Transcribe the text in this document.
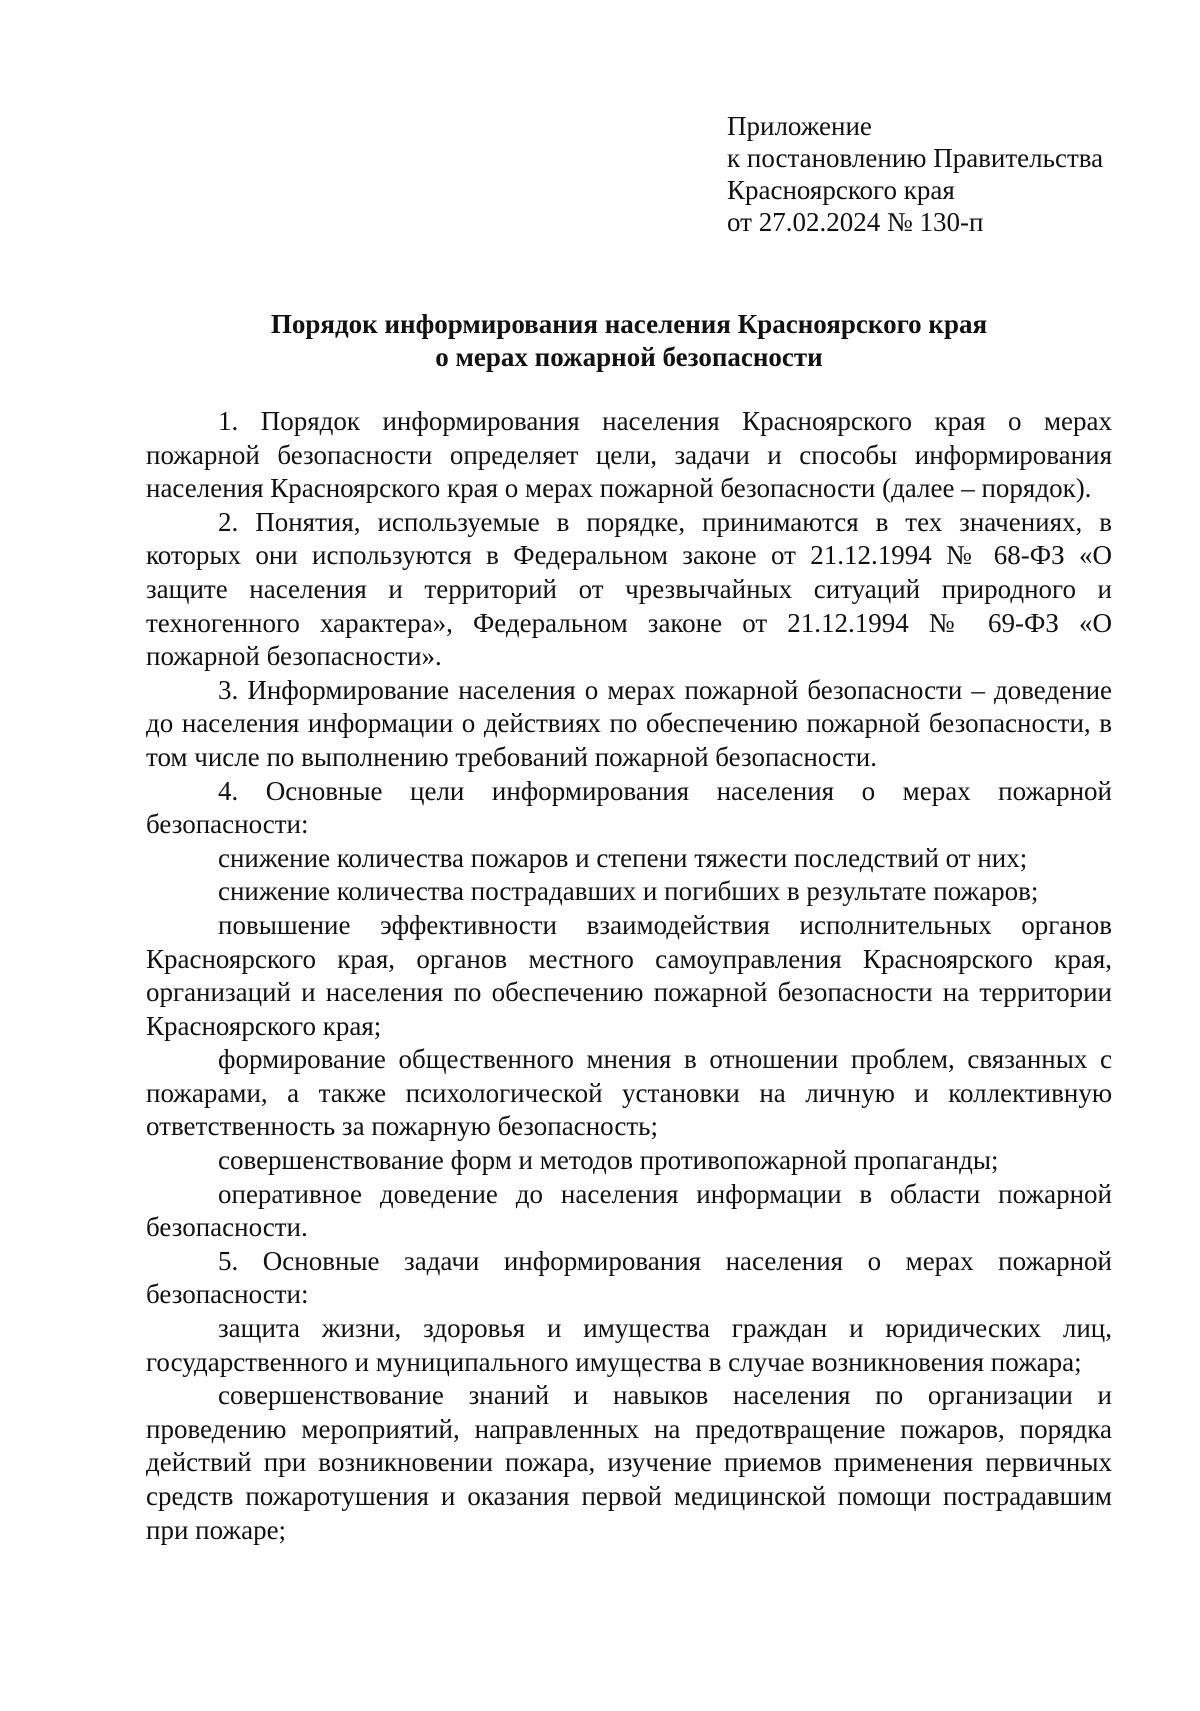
Приложение
к постановлению Правительства
Красноярского края
от 27.02.2024 № 130-п
Порядок информирования населения Красноярского края
о мерах пожарной безопасности

1. Порядок информирования населения Красноярского края о мерах пожарной безопасности определяет цели, задачи и способы информирования населения Красноярского края о мерах пожарной безопасности (далее – порядок).

2. Понятия, используемые в порядке, принимаются в тех значениях, в которых они используются в Федеральном законе от 21.12.1994 № 68-ФЗ «О защите населения и территорий от чрезвычайных ситуаций природного и техногенного характера», Федеральном законе от 21.12.1994 № 69-ФЗ «О пожарной безопасности».

3. Информирование населения о мерах пожарной безопасности – доведение до населения информации о действиях по обеспечению пожарной безопасности, в том числе по выполнению требований пожарной безопасности.

4. Основные цели информирования населения о мерах пожарной безопасности:

снижение количества пожаров и степени тяжести последствий от них;

снижение количества пострадавших и погибших в результате пожаров;

повышение эффективности взаимодействия исполнительных органов Красноярского края, органов местного самоуправления Красноярского края, организаций и населения по обеспечению пожарной безопасности на территории Красноярского края;

формирование общественного мнения в отношении проблем, связанных с пожарами, а также психологической установки на личную и коллективную ответственность за пожарную безопасность;

совершенствование форм и методов противопожарной пропаганды;

оперативное доведение до населения информации в области пожарной безопасности.

5. Основные задачи информирования населения о мерах пожарной безопасности:

защита жизни, здоровья и имущества граждан и юридических лиц, государственного и муниципального имущества в случае возникновения пожара;

совершенствование знаний и навыков населения по организации и проведению мероприятий, направленных на предотвращение пожаров, порядка действий при возникновении пожара, изучение приемов применения первичных средств пожаротушения и оказания первой медицинской помощи пострадавшим при пожаре;
